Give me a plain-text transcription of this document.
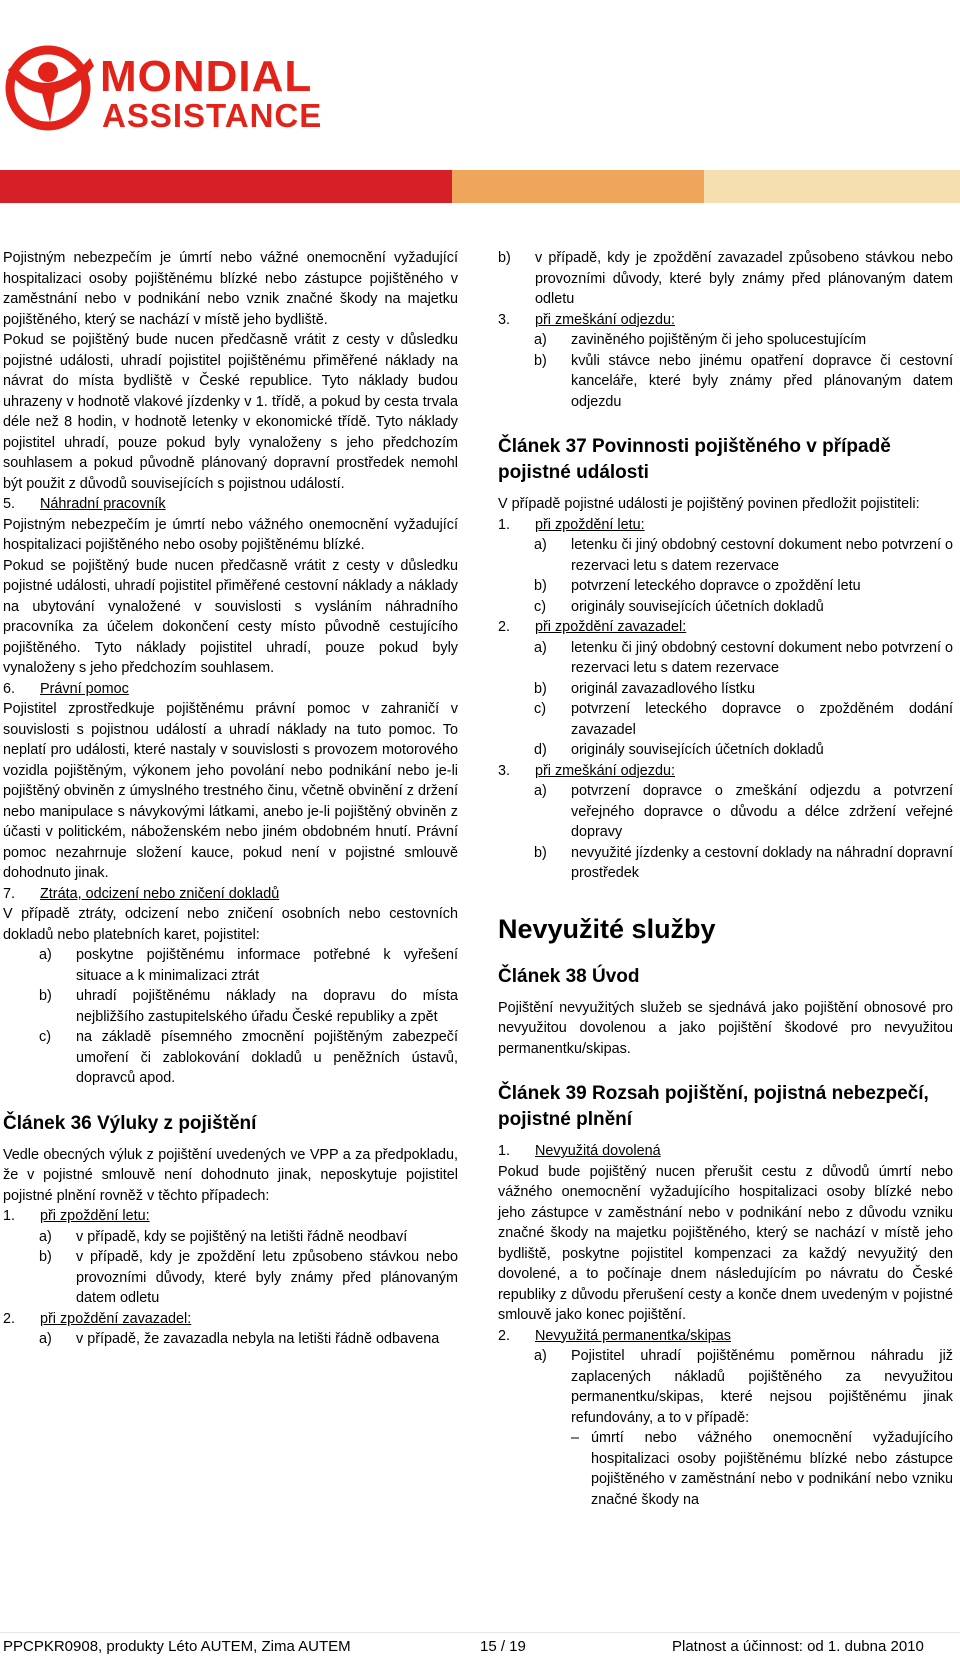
MONDIAL
ASSISTANCE

Pojistným nebezpečím je úmrtí nebo vážné onemocnění vyžadující hospitalizaci osoby pojištěnému blízké nebo zástupce pojištěného v zaměstnání nebo v podnikání nebo vznik značné škody na majetku pojištěného, který se nachází v místě jeho bydliště.

Pokud se pojištěný bude nucen předčasně vrátit z cesty v důsledku pojistné události, uhradí pojistitel pojištěnému přiměřené náklady na návrat do místa bydliště v České republice. Tyto náklady budou uhrazeny v hodnotě vlakové jízdenky v 1. třídě, a pokud by cesta trvala déle než 8 hodin, v hodnotě letenky v ekonomické třídě. Tyto náklady pojistitel uhradí, pouze pokud byly vynaloženy s jeho předchozím souhlasem a pokud původně plánovaný dopravní prostředek nemohl být použit z důvodů souvisejících s pojistnou událostí.

5.	Náhradní pracovník

Pojistným nebezpečím je úmrtí nebo vážného onemocnění vyžadující hospitalizaci pojištěného nebo osoby pojištěnému blízké.

Pokud se pojištěný bude nucen předčasně vrátit z cesty v důsledku pojistné události, uhradí pojistitel přiměřené cestovní náklady a náklady na ubytování vynaložené v souvislosti s vysláním náhradního pracovníka za účelem dokončení cesty místo původně cestujícího pojištěného. Tyto náklady pojistitel uhradí, pouze pokud byly vynaloženy s jeho předchozím souhlasem.

6.	Právní pomoc

Pojistitel zprostředkuje pojištěnému právní pomoc v zahraničí v souvislosti s pojistnou událostí a uhradí náklady na tuto pomoc. To neplatí pro události, které nastaly v souvislosti s provozem motorového vozidla pojištěným, výkonem jeho povolání nebo podnikání nebo je-li pojištěný obviněn z úmyslného trestného činu, včetně obvinění z držení nebo manipulace s návykovými látkami, anebo je-li pojištěný obviněn z účasti v politickém, náboženském nebo jiném obdobném hnutí. Právní pomoc nezahrnuje složení kauce, pokud není v pojistné smlouvě dohodnuto jinak.

7.	Ztráta, odcizení nebo zničení dokladů

V případě ztráty, odcizení nebo zničení osobních nebo cestovních dokladů nebo platebních karet, pojistitel:

a)	poskytne pojištěnému informace potřebné k vyřešení situace a k minimalizaci ztrát
b)	uhradí pojištěnému náklady na dopravu do místa nejbližšího zastupitelského úřadu České republiky a zpět
c)	na základě písemného zmocnění pojištěným zabezpečí umoření či zablokování dokladů u peněžních ústavů, dopravců apod.
Článek 36 Výluky z pojištění

Vedle obecných výluk z pojištění uvedených ve VPP a za předpokladu, že v pojistné smlouvě není dohodnuto jinak, neposkytuje pojistitel pojistné plnění rovněž v těchto případech:

1.	při zpoždění letu:
a)	v případě, kdy se pojištěný na letišti řádně neodbaví
b)	v případě, kdy je zpoždění letu způsobeno stávkou nebo provozními důvody, které byly známy před plánovaným datem odletu
2.	při zpoždění zavazadel:
a)	v případě, že zavazadla nebyla na letišti řádně odbavena
b)	v případě, kdy je zpoždění zavazadel způsobeno stávkou nebo provozními důvody, které byly známy před plánovaným datem odletu
3.	při zmeškání odjezdu:
a)	zaviněného pojištěným či jeho spolucestujícím
b)	kvůli stávce nebo jinému opatření dopravce či cestovní kanceláře, které byly známy před plánovaným datem odjezdu
Článek 37 Povinnosti pojištěného v případě pojistné události

V případě pojistné události je pojištěný povinen předložit pojistiteli:

1.	při zpoždění letu:
a)	letenku či jiný obdobný cestovní dokument nebo potvrzení o rezervaci letu s datem rezervace
b)	potvrzení leteckého dopravce o zpoždění letu
c)	originály souvisejících účetních dokladů
2.	při zpoždění zavazadel:
a)	letenku či jiný obdobný cestovní dokument nebo potvrzení o rezervaci letu s datem rezervace
b)	originál zavazadlového lístku
c)	potvrzení leteckého dopravce o zpožděném dodání zavazadel
d)	originály souvisejících účetních dokladů
3.	při zmeškání odjezdu:
a)	potvrzení dopravce o zmeškání odjezdu a potvrzení veřejného dopravce o důvodu a délce zdržení veřejné dopravy
b)	nevyužité jízdenky a cestovní doklady na náhradní dopravní prostředek
Nevyužité služby
Článek 38 Úvod

Pojištění nevyužitých služeb se sjednává jako pojištění obnosové pro nevyužitou dovolenou a jako pojištění škodové pro nevyužitou permanentku/skipas.

Článek 39 Rozsah pojištění, pojistná nebezpečí, pojistné plnění
1.	Nevyužitá dovolená

Pokud bude pojištěný nucen přerušit cestu z důvodů úmrtí nebo vážného onemocnění vyžadujícího hospitalizaci osoby blízké nebo jeho zástupce v zaměstnání nebo v podnikání nebo z důvodu vzniku značné škody na majetku pojištěného, který se nachází v místě jeho bydliště, poskytne pojistitel kompenzaci za každý nevyužitý den dovolené, a to počínaje dnem následujícím po návratu do České republiky z důvodu přerušení cesty a konče dnem uvedeným v pojistné smlouvě jako konec pojištění.

2.	Nevyužitá permanentka/skipas
a)	Pojistitel uhradí pojištěnému poměrnou náhradu již zaplacených nákladů pojištěného za nevyužitou permanentku/skipas, které nejsou pojištěnému jinak refundovány, a to v případě:
– úmrtí nebo vážného onemocnění vyžadujícího hospitalizaci osoby pojištěnému blízké nebo zástupce pojištěného v zaměstnání nebo v podnikání nebo vzniku značné škody na
PPCPKR0908, produkty Léto AUTEM, Zima AUTEM	15 / 19	Platnost a účinnost: od 1. dubna 2010
